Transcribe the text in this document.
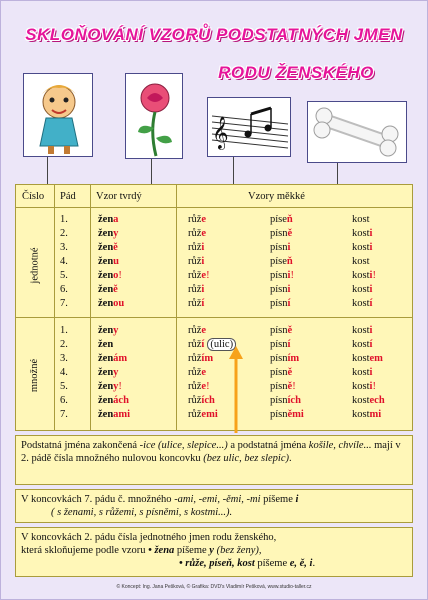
SKLOŇOVÁNÍ VZORŮ PODSTATNÝCH JMEN
RODU ŽENSKÉHO
𝄞
Číslo Pád Vzor tvrdý	Vzory měkké
jednotné
množné
1.	žena	růže	píseň	kost
2.	ženy	růže	písně	kosti
3.	ženě	růži	písni	kosti
4.	ženu	růži	píseň	kost
5.	ženo!	růže!	písni!	kosti!
6.	ženě	růži	písni	kosti
7.	ženou	růží	písní	kostí
1.	ženy	růže	písně	kosti
2.	žen	růží (ulic)	písní	kostí
3.	ženám	růžím	písním	kostem
4.	ženy	růže	písně	kosti
5.	ženy!	růže!	písně!	kosti!
6.	ženách	růžích	písních	kostech
7.	ženami	růžemi	písněmi	kostmi
Podstatná jména zakončená -ice (ulice, slepice...) a podstatná jména košile, chvíle... mají v 2. pádě čísla množného nulovou koncovku (bez ulic, bez slepic).
V koncovkách 7. pádu č. množného -ami, -emi, -ěmi, -mi píšeme i
( s ženami, s růžemi, s písněmi, s kostmi...).
V koncovkách 2. pádu čísla jednotného jmen rodu ženského,
která skloňujeme podle vzoru • žena píšeme y (bez ženy),
• růže, píseň, kost píšeme e, ě, i.
© Koncept: Ing. Jana Pešková, © Grafika: DVD's Vladimír Pešková, www.studio-taller.cz
